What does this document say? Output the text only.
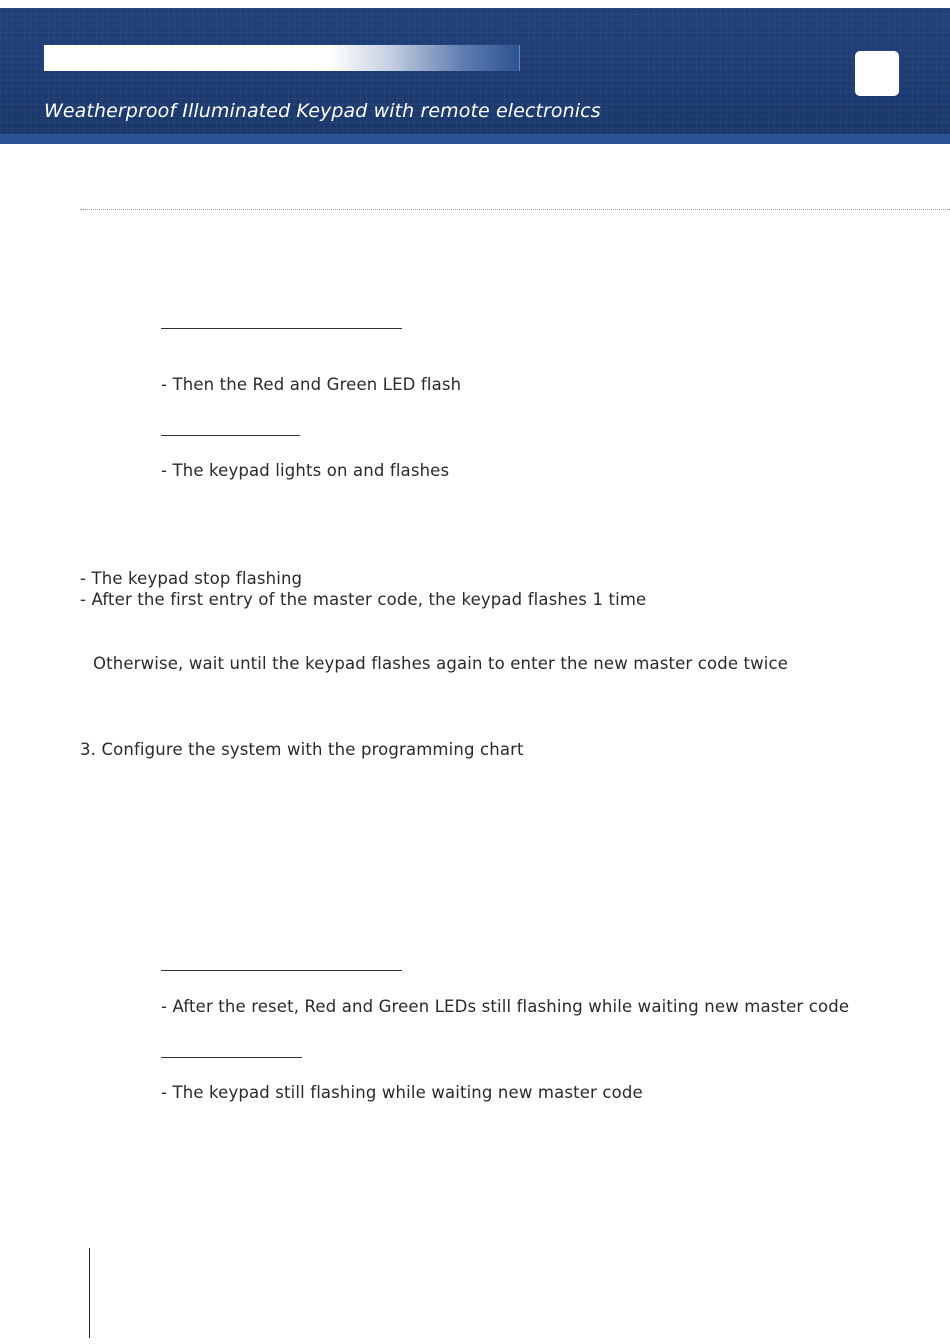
Weatherproof Illuminated Keypad with remote electronics
- Then the Red and Green LED flash
- The keypad lights on and flashes
- The keypad stop flashing
- After the first entry of the master code, the keypad flashes 1 time
Otherwise, wait until the keypad flashes again to enter the new master code twice
3. Configure the system with the programming chart
- After the reset, Red and Green LEDs still flashing while waiting new master code
- The keypad still flashing while waiting new master code
